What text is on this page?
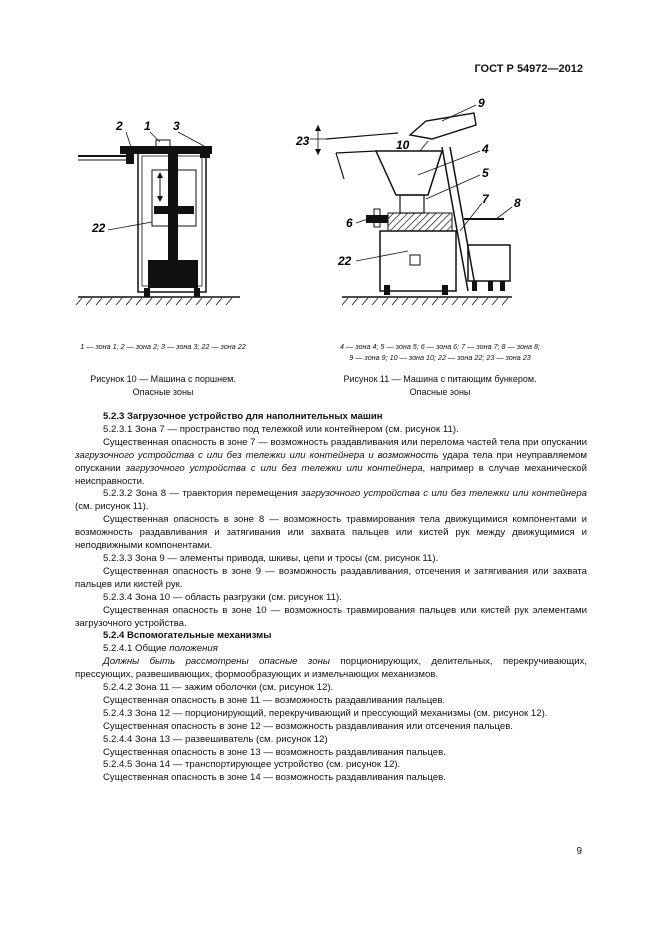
ГОСТ Р 54972—2012
2 1 3
22
9
10	4
5
7 8
6
22
23
1 — зона 1; 2 — зона 2; 3 — зона 3; 22 — зона 22
Рисунок 10 — Машина с поршнем.
Опасные зоны
4 — зона 4; 5 — зона 5; 6 — зона 6; 7 — зона 7; 8 — зона 8;
9 — зона 9; 10 — зона 10; 22 — зона 22; 23 — зона 23
Рисунок 11 — Машина с питающим бункером.
Опасные зоны

5.2.3 Загрузочное устройство для наполнительных машин

5.2.3.1 Зона 7 — пространство под тележкой или контейнером (см. рисунок 11).

Существенная опасность в зоне 7 — возможность раздавливания или перелома частей тела при опускании загрузочного устройства с или без тележки или контейнера и возможность удара тела при неуправляемом опускании загрузочного устройства с или без тележки или контейнера, например в случае механической неисправности.

5.2.3.2 Зона 8 — траектория перемещения загрузочного устройства с или без тележки или контейнера (см. рисунок 11).

Существенная опасность в зоне 8 — возможность травмирования тела движущимися компонентами и возможность раздавливания и затягивания или захвата пальцев или кистей рук между движущимися и неподвижными компонентами.

5.2.3.3 Зона 9 — элементы привода, шкивы, цепи и тросы (см. рисунок 11).

Существенная опасность в зоне 9 — возможность раздавливания, отсечения и затягивания или захвата пальцев или кистей рук.

5.2.3.4 Зона 10 — область разгрузки (см. рисунок 11).

Существенная опасность в зоне 10 — возможность травмирования пальцев или кистей рук элементами загрузочного устройства.

5.2.4 Вспомогательные механизмы

5.2.4.1 Общие положения

Должны быть рассмотрены опасные зоны порционирующих, делительных, перекручивающих, прессующих, развешивающих, формообразующих и измельчающих механизмов.

5.2.4.2 Зона 11 — зажим оболочки (см. рисунок 12).

Существенная опасность в зоне 11 — возможность раздавливания пальцев.

5.2.4.3 Зона 12 — порционирующий, перекручивающий и прессующий механизмы (см. рисунок 12).

Существенная опасность в зоне 12 — возможность раздавливания или отсечения пальцев.

5.2.4.4 Зона 13 — развешиватель (см. рисунок 12)

Существенная опасность в зоне 13 — возможность раздавливания пальцев.

5.2.4.5 Зона 14 — транспортирующее устройство (см. рисунок 12).

Существенная опасность в зоне 14 — возможность раздавливания пальцев.

9
